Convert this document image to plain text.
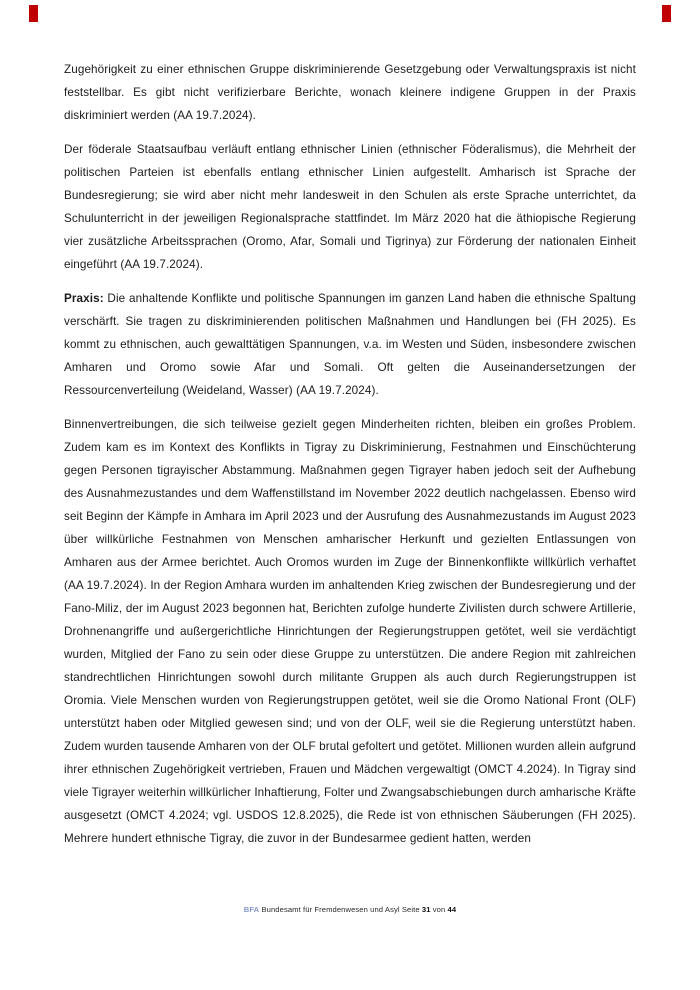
Zugehörigkeit zu einer ethnischen Gruppe diskriminierende Gesetzgebung oder Verwaltungspraxis ist nicht feststellbar. Es gibt nicht verifizierbare Berichte, wonach kleinere indigene Gruppen in der Praxis diskriminiert werden (AA 19.7.2024).

Der föderale Staatsaufbau verläuft entlang ethnischer Linien (ethnischer Föderalismus), die Mehrheit der politischen Parteien ist ebenfalls entlang ethnischer Linien aufgestellt. Amharisch ist Sprache der Bundesregierung; sie wird aber nicht mehr landesweit in den Schulen als erste Sprache unterrichtet, da Schulunterricht in der jeweiligen Regionalsprache stattfindet. Im März 2020 hat die äthiopische Regierung vier zusätzliche Arbeitssprachen (Oromo, Afar, Somali und Tigrinya) zur Förderung der nationalen Einheit eingeführt (AA 19.7.2024).

Praxis: Die anhaltende Konflikte und politische Spannungen im ganzen Land haben die ethnische Spaltung verschärft. Sie tragen zu diskriminierenden politischen Maßnahmen und Handlungen bei (FH 2025). Es kommt zu ethnischen, auch gewalttätigen Spannungen, v.a. im Westen und Süden, insbesondere zwischen Amharen und Oromo sowie Afar und Somali. Oft gelten die Auseinandersetzungen der Ressourcenverteilung (Weideland, Wasser) (AA 19.7.2024).

Binnenvertreibungen, die sich teilweise gezielt gegen Minderheiten richten, bleiben ein großes Problem. Zudem kam es im Kontext des Konflikts in Tigray zu Diskriminierung, Festnahmen und Einschüchterung gegen Personen tigrayischer Abstammung. Maßnahmen gegen Tigrayer haben jedoch seit der Aufhebung des Ausnahmezustandes und dem Waffenstillstand im November 2022 deutlich nachgelassen. Ebenso wird seit Beginn der Kämpfe in Amhara im April 2023 und der Ausrufung des Ausnahmezustands im August 2023 über willkürliche Festnahmen von Menschen amharischer Herkunft und gezielten Entlassungen von Amharen aus der Armee berichtet. Auch Oromos wurden im Zuge der Binnenkonflikte willkürlich verhaftet (AA 19.7.2024). In der Region Amhara wurden im anhaltenden Krieg zwischen der Bundesregierung und der Fano-Miliz, der im August 2023 begonnen hat, Berichten zufolge hunderte Zivilisten durch schwere Artillerie, Drohnenangriffe und außergerichtliche Hinrichtungen der Regierungstruppen getötet, weil sie verdächtigt wurden, Mitglied der Fano zu sein oder diese Gruppe zu unterstützen. Die andere Region mit zahlreichen standrechtlichen Hinrichtungen sowohl durch militante Gruppen als auch durch Regierungstruppen ist Oromia. Viele Menschen wurden von Regierungstruppen getötet, weil sie die Oromo National Front (OLF) unterstützt haben oder Mitglied gewesen sind; und von der OLF, weil sie die Regierung unterstützt haben. Zudem wurden tausende Amharen von der OLF brutal gefoltert und getötet. Millionen wurden allein aufgrund ihrer ethnischen Zugehörigkeit vertrieben, Frauen und Mädchen vergewaltigt (OMCT 4.2024). In Tigray sind viele Tigrayer weiterhin willkürlicher Inhaftierung, Folter und Zwangsabschiebungen durch amharische Kräfte ausgesetzt (OMCT 4.2024; vgl. USDOS 12.8.2025), die Rede ist von ethnischen Säuberungen (FH 2025). Mehrere hundert ethnische Tigray, die zuvor in der Bundesarmee gedient hatten, werden

BFA Bundesamt für Fremdenwesen und Asyl Seite 31 von 44
